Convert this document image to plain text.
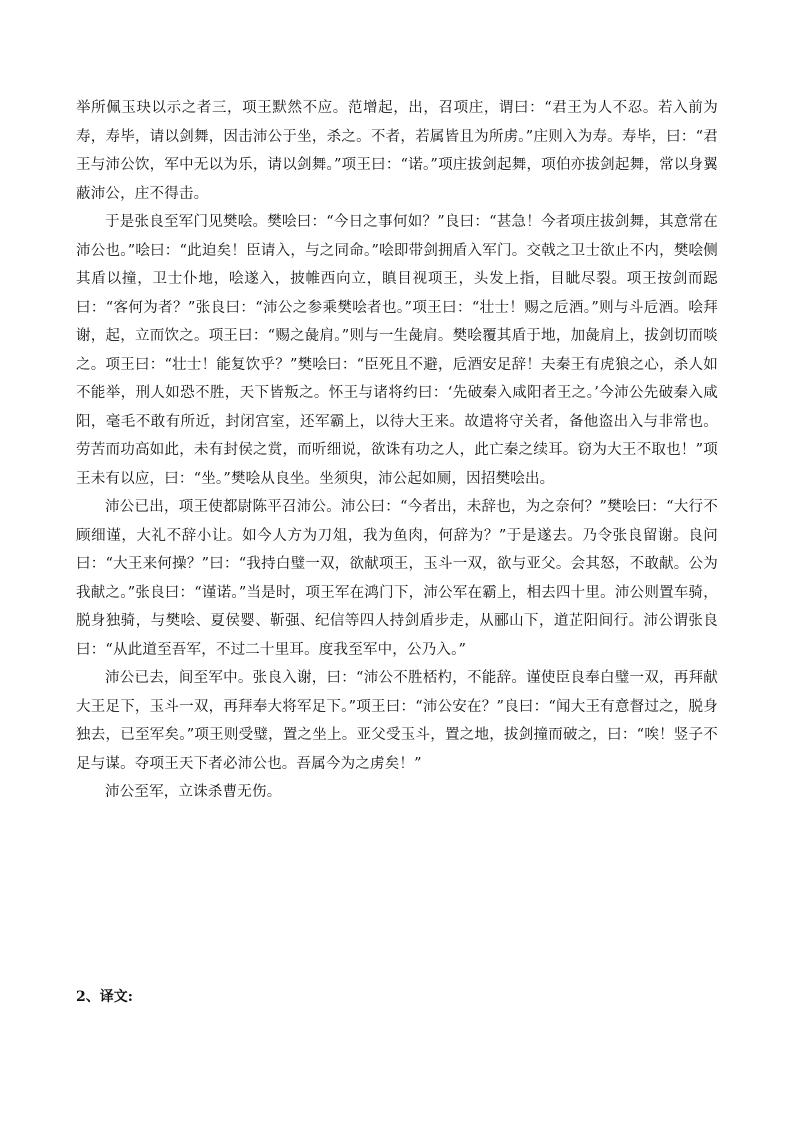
举所佩玉玦以示之者三，项王默然不应。范增起，出，召项庄，谓曰：“君王为人不忍。若入前为寿，寿毕，请以剑舞，因击沛公于坐，杀之。不者，若属皆且为所虏。”庄则入为寿。寿毕，曰：“君王与沛公饮，军中无以为乐，请以剑舞。”项王曰：“诺。”项庄拔剑起舞，项伯亦拔剑起舞，常以身翼蔽沛公，庄不得击。

于是张良至军门见樊哙。樊哙曰：“今日之事何如？”良曰：“甚急！今者项庄拔剑舞，其意常在沛公也。”哙曰：“此迫矣！臣请入，与之同命。”哙即带剑拥盾入军门。交戟之卫士欲止不内，樊哙侧其盾以撞，卫士仆地，哙遂入，披帷西向立，瞋目视项王，头发上指，目眦尽裂。项王按剑而跽曰：“客何为者？”张良曰：“沛公之参乘樊哙者也。”项王曰：“壮士！赐之卮酒。”则与斗卮酒。哙拜谢，起，立而饮之。项王曰：“赐之彘肩。”则与一生彘肩。樊哙覆其盾于地，加彘肩上，拔剑切而啖之。项王曰：“壮士！能复饮乎？”樊哙曰：“臣死且不避，卮酒安足辞！夫秦王有虎狼之心，杀人如不能举，刑人如恐不胜，天下皆叛之。怀王与诸将约曰：‘先破秦入咸阳者王之。’今沛公先破秦入咸阳，毫毛不敢有所近，封闭宫室，还军霸上，以待大王来。故遣将守关者，备他盗出入与非常也。劳苦而功高如此，未有封侯之赏，而听细说，欲诛有功之人，此亡秦之续耳。窃为大王不取也！”项王未有以应，曰：“坐。”樊哙从良坐。坐须臾，沛公起如厕，因招樊哙出。

沛公已出，项王使都尉陈平召沛公。沛公曰：“今者出，未辞也，为之奈何？”樊哙曰：“大行不顾细谨，大礼不辞小让。如今人方为刀俎，我为鱼肉，何辞为？”于是遂去。乃令张良留谢。良问曰：“大王来何操？”曰：“我持白璧一双，欲献项王，玉斗一双，欲与亚父。会其怒，不敢献。公为我献之。”张良曰：“谨诺。”当是时，项王军在鸿门下，沛公军在霸上，相去四十里。沛公则置车骑，脱身独骑，与樊哙、夏侯婴、靳强、纪信等四人持剑盾步走，从郦山下，道芷阳间行。沛公谓张良曰：“从此道至吾军，不过二十里耳。度我至军中，公乃入。”

沛公已去，间至军中。张良入谢，曰：“沛公不胜桮杓，不能辞。谨使臣良奉白璧一双，再拜献大王足下，玉斗一双，再拜奉大将军足下。”项王曰：“沛公安在？”良曰：“闻大王有意督过之，脱身独去，已至军矣。”项王则受璧，置之坐上。亚父受玉斗，置之地，拔剑撞而破之，曰：“唉！竖子不足与谋。夺项王天下者必沛公也。吾属今为之虏矣！”

沛公至军，立诛杀曹无伤。

2、译文:
